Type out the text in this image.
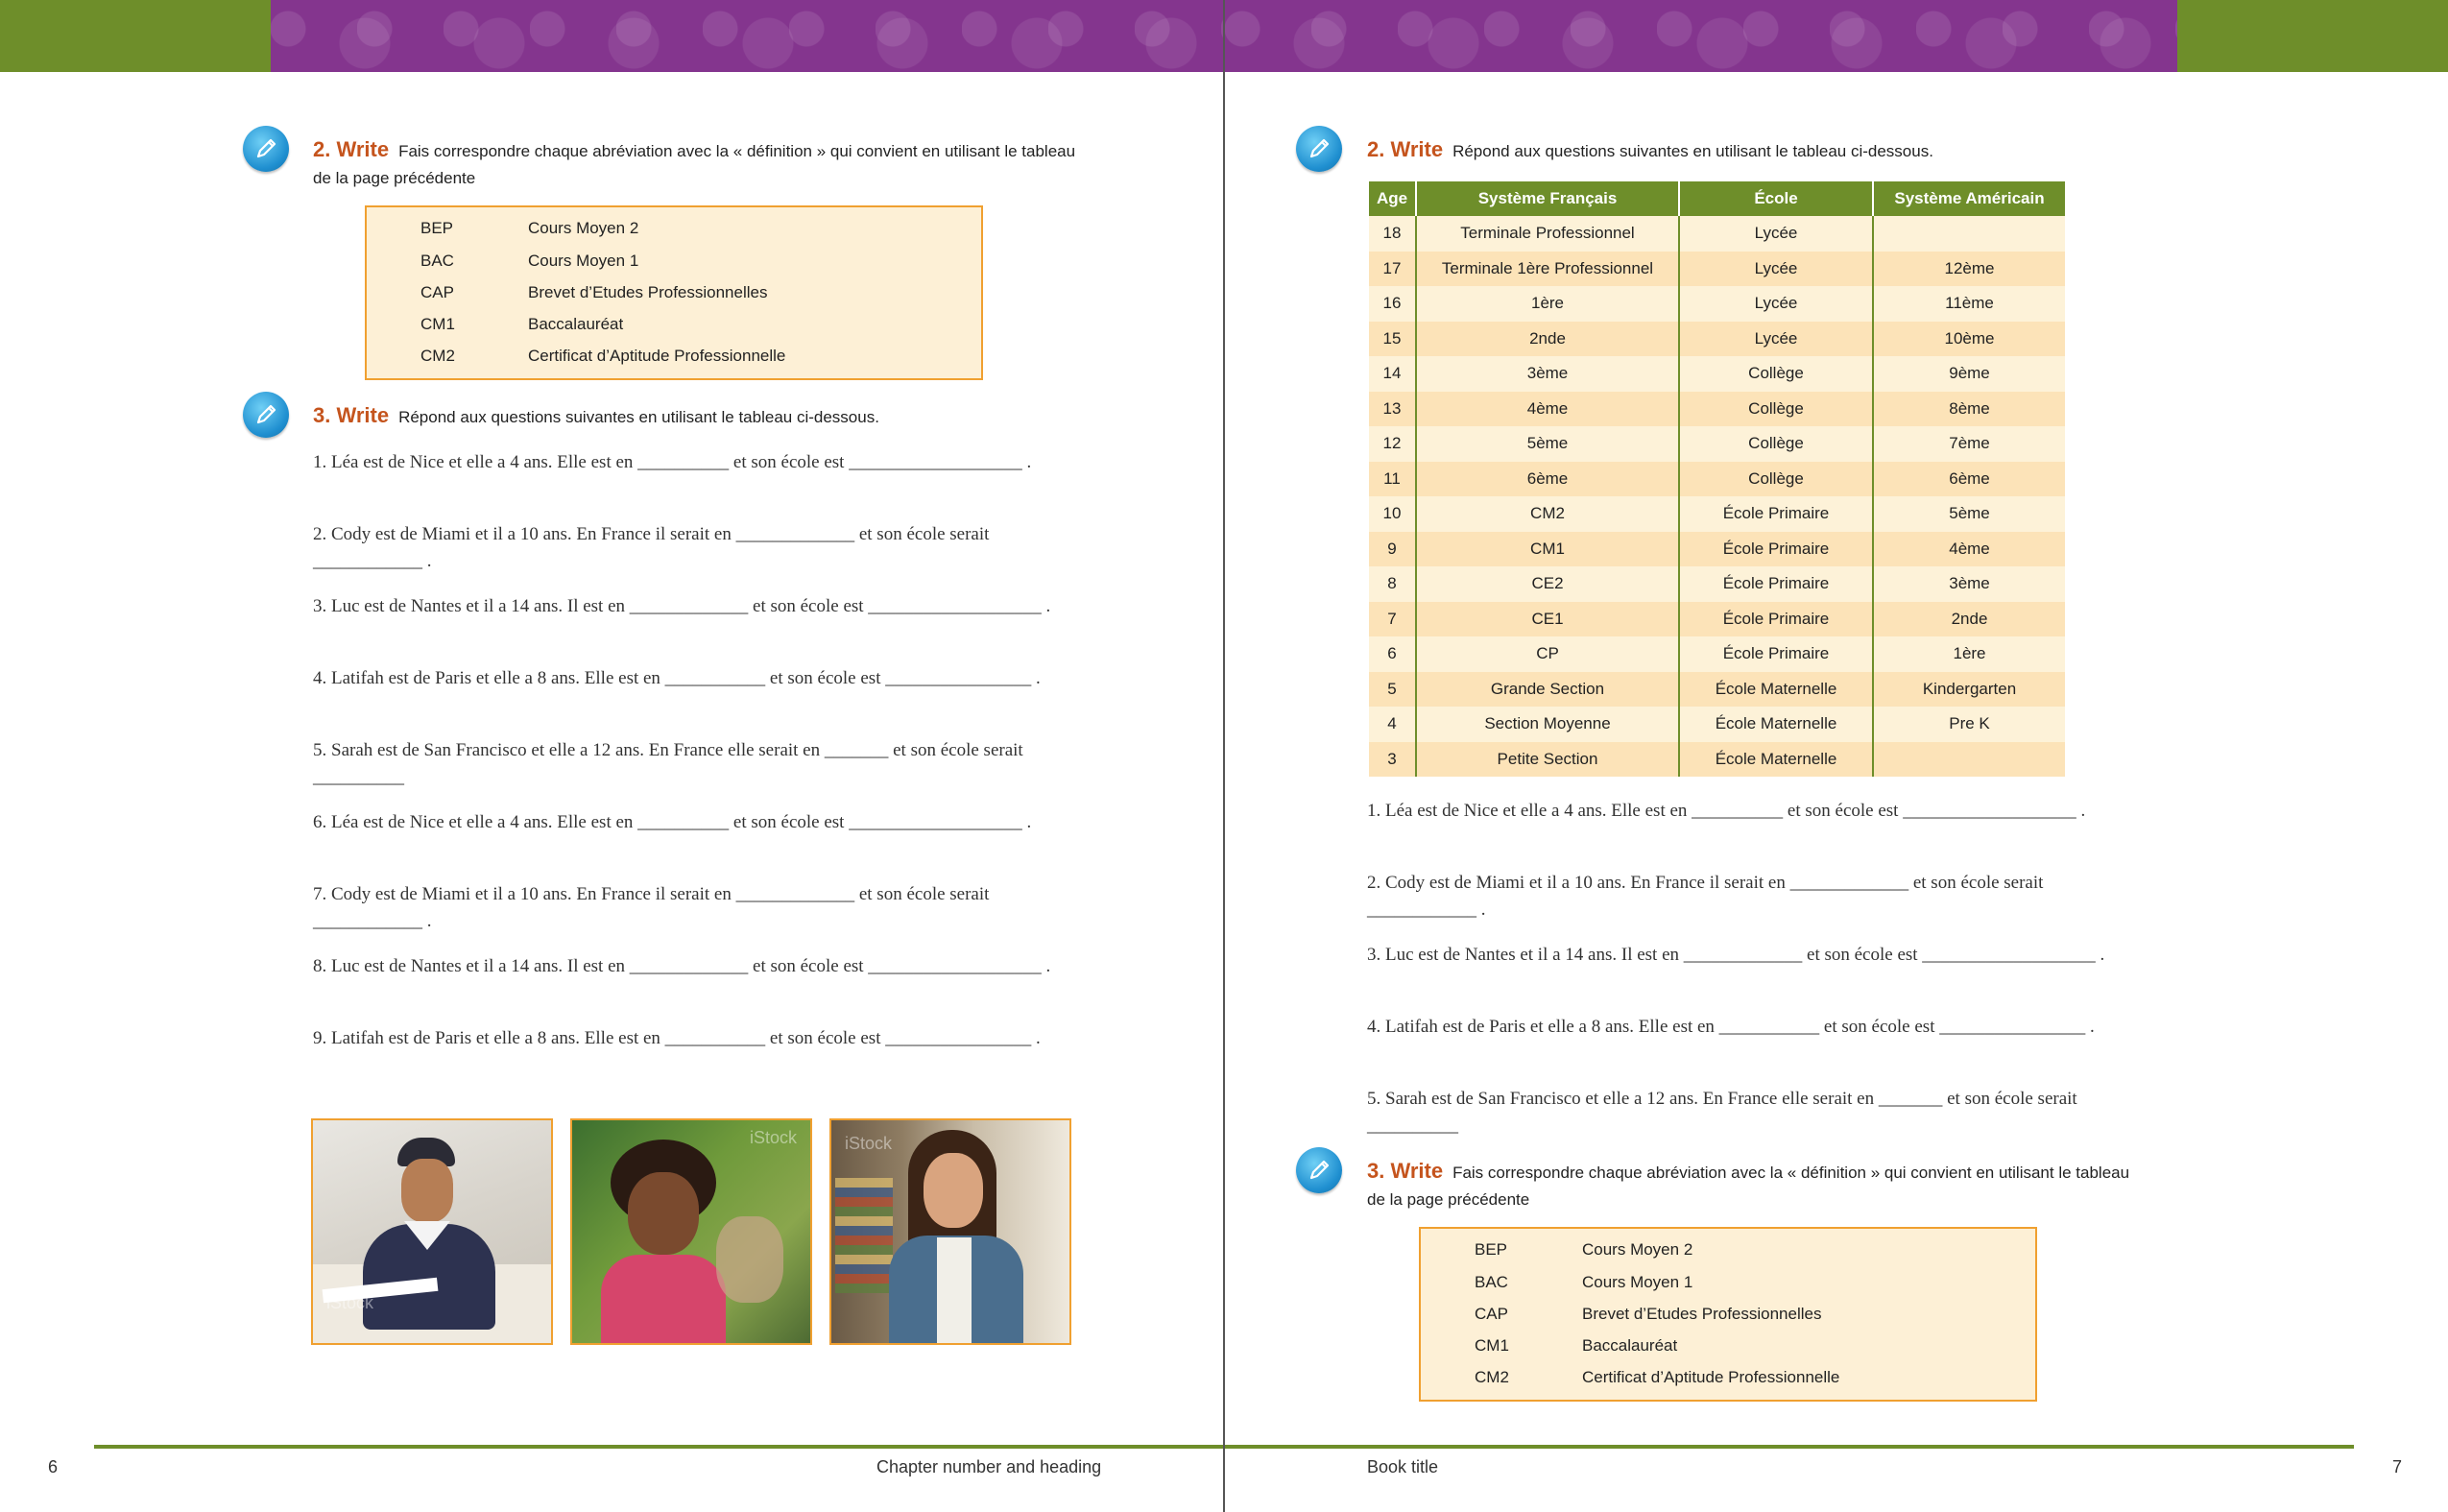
2. Write Fais correspondre chaque abréviation avec la « définition » qui convient en utilisant le tableau de la page précédente
BEP	Cours Moyen 2
BAC	Cours Moyen 1
CAP	Brevet d’Etudes Professionnelles
CM1	Baccalauréat
CM2	Certificat d’Aptitude Professionnelle
3. Write Répond aux questions suivantes en utilisant le tableau ci-dessous.
1. Léa est de Nice et elle a 4 ans. Elle est en __________ et son école est ___________________ .
2. Cody est de Miami et il a 10 ans. En France il serait en _____________ et son école serait ____________ .
3. Luc est de Nantes et il a 14 ans. Il est en _____________ et son école est ___________________ .
4. Latifah est de Paris et elle a 8 ans. Elle est en ___________ et son école est ________________ .
5. Sarah est de San Francisco et elle a 12 ans. En France elle serait en _______ et son école serait __________
6. Léa est de Nice et elle a 4 ans. Elle est en __________ et son école est ___________________ .
7. Cody est de Miami et il a 10 ans. En France il serait en _____________ et son école serait ____________ .
8. Luc est de Nantes et il a 14 ans. Il est en _____________ et son école est ___________________ .
9. Latifah est de Paris et elle a 8 ans. Elle est en ___________ et son école est ________________ .
iStock
iStock	iStock
6	Chapter number and heading
2. Write Répond aux questions suivantes en utilisant le tableau ci-dessous.
Age	Système Français	École	Système Américain
18	Terminale Professionnel	Lycée	
17	Terminale 1ère Professionnel	Lycée	12ème
16	1ère	Lycée	11ème
15	2nde	Lycée	10ème
14	3ème	Collège	9ème
13	4ème	Collège	8ème
12	5ème	Collège	7ème
11	6ème	Collège	6ème
10	CM2	École Primaire	5ème
9	CM1	École Primaire	4ème
8	CE2	École Primaire	3ème
7	CE1	École Primaire	2nde
6	CP	École Primaire	1ère
5	Grande Section	École Maternelle	Kindergarten
4	Section Moyenne	École Maternelle	Pre K
3	Petite Section	École Maternelle	
1. Léa est de Nice et elle a 4 ans. Elle est en __________ et son école est ___________________ .
2. Cody est de Miami et il a 10 ans. En France il serait en _____________ et son école serait ____________ .
3. Luc est de Nantes et il a 14 ans. Il est en _____________ et son école est ___________________ .
4. Latifah est de Paris et elle a 8 ans. Elle est en ___________ et son école est ________________ .
5. Sarah est de San Francisco et elle a 12 ans. En France elle serait en _______ et son école serait __________
3. Write Fais correspondre chaque abréviation avec la « définition » qui convient en utilisant le tableau de la page précédente
BEP	Cours Moyen 2
BAC	Cours Moyen 1
CAP	Brevet d’Etudes Professionnelles
CM1	Baccalauréat
CM2	Certificat d’Aptitude Professionnelle
Book title	7
